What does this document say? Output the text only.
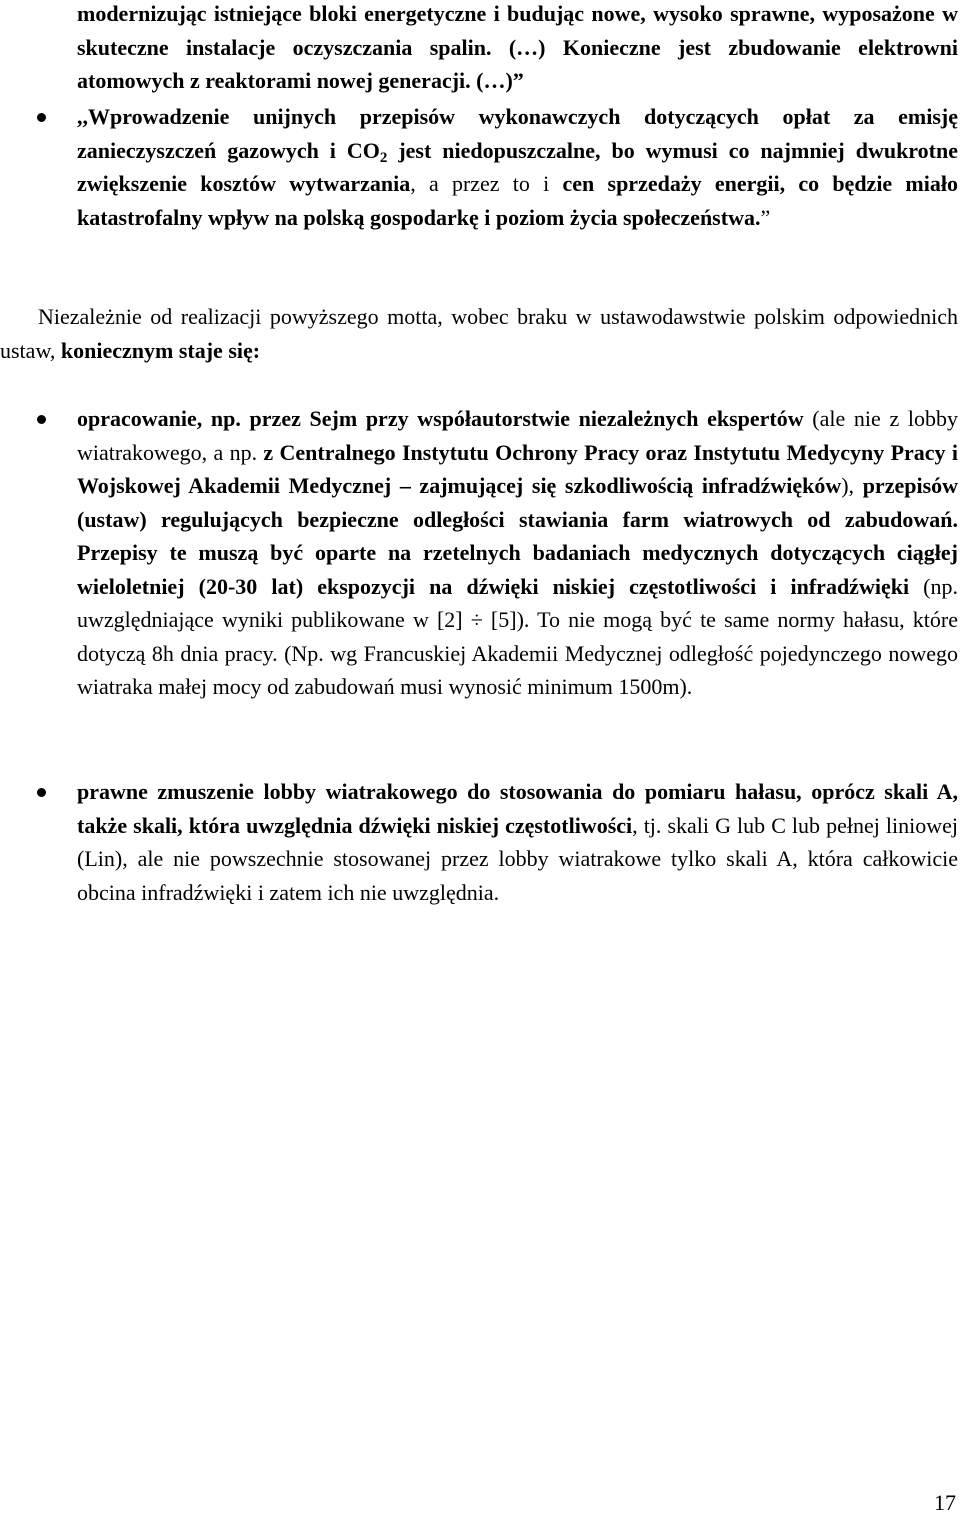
modernizując istniejące bloki energetyczne i budując nowe, wysoko sprawne, wyposażone w skuteczne instalacje oczyszczania spalin. (…) Konieczne jest zbudowanie elektrowni atomowych z reaktorami nowej generacji. (…)”

,,Wprowadzenie unijnych przepisów wykonawczych dotyczących opłat za emisję zanieczyszczeń gazowych i $CO_2$ jest niedopuszczalne, bo wymusi co najmniej dwukrotne zwiększenie kosztów wytwarzania, a przez to i cen sprzedaży energii, co będzie miało katastrofalny wpływ na polską gospodarkę i poziom życia społeczeństwa.”

Niezależnie od realizacji powyższego motta, wobec braku w ustawodawstwie polskim odpowiednich ustaw, koniecznym staje się:

opracowanie, np. przez Sejm przy współautorstwie niezależnych ekspertów (ale nie z lobby wiatrakowego, a np. z Centralnego Instytutu Ochrony Pracy oraz Instytutu Medycyny Pracy i Wojskowej Akademii Medycznej – zajmującej się szkodliwością infradźwięków), przepisów (ustaw) regulujących bezpieczne odległości stawiania farm wiatrowych od zabudowań. Przepisy te muszą być oparte na rzetelnych badaniach medycznych dotyczących ciągłej wieloletniej (20-30 lat) ekspozycji na dźwięki niskiej częstotliwości i infradźwięki (np. uwzględniające wyniki publikowane w [2] ÷ [5]). To nie mogą być te same normy hałasu, które dotyczą 8h dnia pracy. (Np. wg Francuskiej Akademii Medycznej odległość pojedynczego nowego wiatraka małej mocy od zabudowań musi wynosić minimum 1500m).

prawne zmuszenie lobby wiatrakowego do stosowania do pomiaru hałasu, oprócz skali A, także skali, która uwzględnia dźwięki niskiej częstotliwości, tj. skali G lub C lub pełnej liniowej (Lin), ale nie powszechnie stosowanej przez lobby wiatrakowe tylko skali A, która całkowicie obcina infradźwięki i zatem ich nie uwzględnia.

17
